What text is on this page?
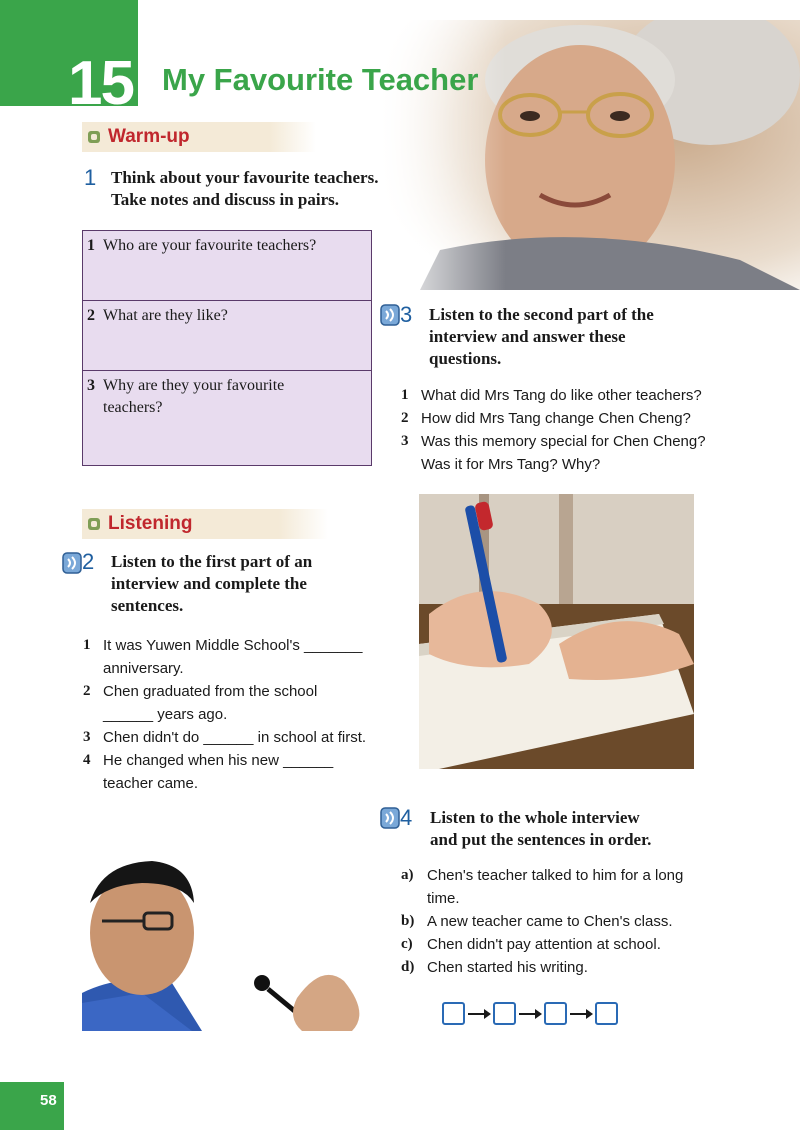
15 My Favourite Teacher
Warm-up
1 Think about your favourite teachers.
Take notes and discuss in pairs.
1 Who are your favourite teachers?
2 What are they like?
3 Why are they your favourite teachers?
3 Listen to the second part of the
interview and answer these
questions.
1 What did Mrs Tang do like other teachers?
2 How did Mrs Tang change Chen Cheng?
3 Was this memory special for Chen Cheng? Was it for Mrs Tang? Why?
Listening
2 Listen to the first part of an
interview and complete the
sentences.
1 It was Yuwen Middle School's _______ anniversary.
2 Chen graduated from the school ______ years ago.
3 Chen didn't do ______ in school at first.
4 He changed when his new ______ teacher came.
4 Listen to the whole interview
and put the sentences in order.
a) Chen's teacher talked to him for a long time.
b) A new teacher came to Chen's class.
c) Chen didn't pay attention at school.
d) Chen started his writing.
58
